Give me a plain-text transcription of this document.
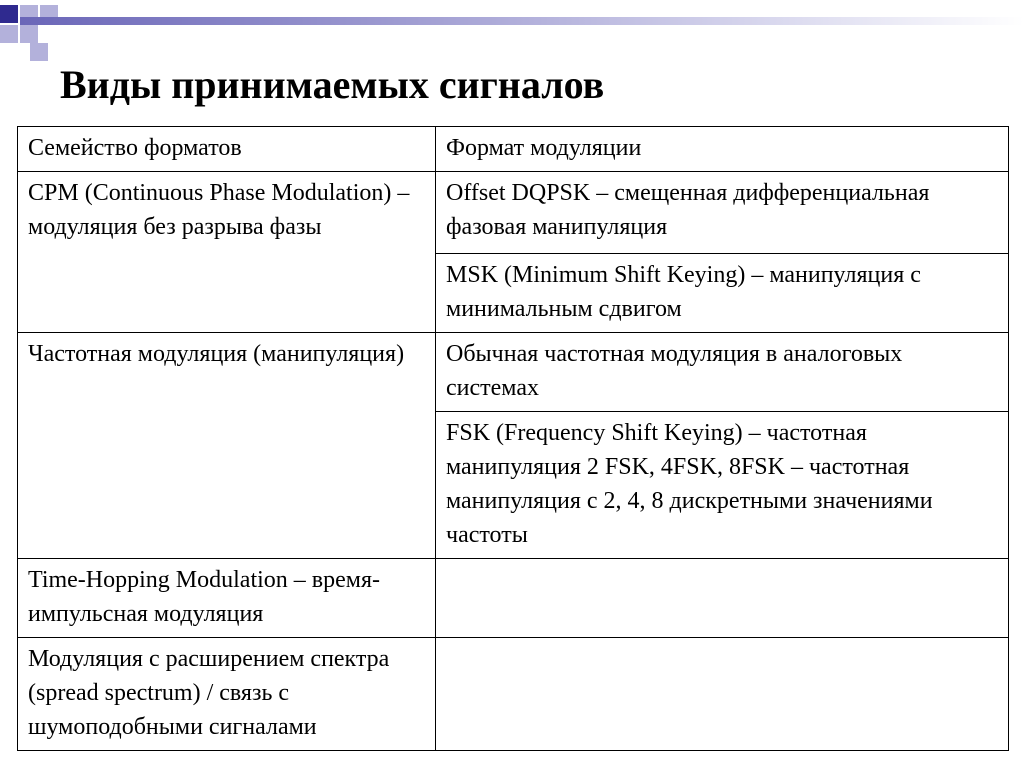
Виды принимаемых сигналов
Семейство форматов	Формат модуляции
CPM (Continuous Phase Modulation) – модуляция без разрыва фазы	Offset DQPSK – смещенная дифференциальная фазовая манипуляция
	MSK (Minimum Shift Keying) – манипуляция с минимальным сдвигом
Частотная модуляция (манипуляция)	Обычная частотная модуляция в аналоговых системах
	FSK (Frequency Shift Keying) – частотная манипуляция 2 FSK, 4FSK, 8FSK – частотная манипуляция с 2, 4, 8 дискретными значениями частоты
Time-Hopping Modulation – время-импульсная модуляция	
Модуляция с расширением спектра (spread spectrum) / связь с шумоподобными сигналами	
